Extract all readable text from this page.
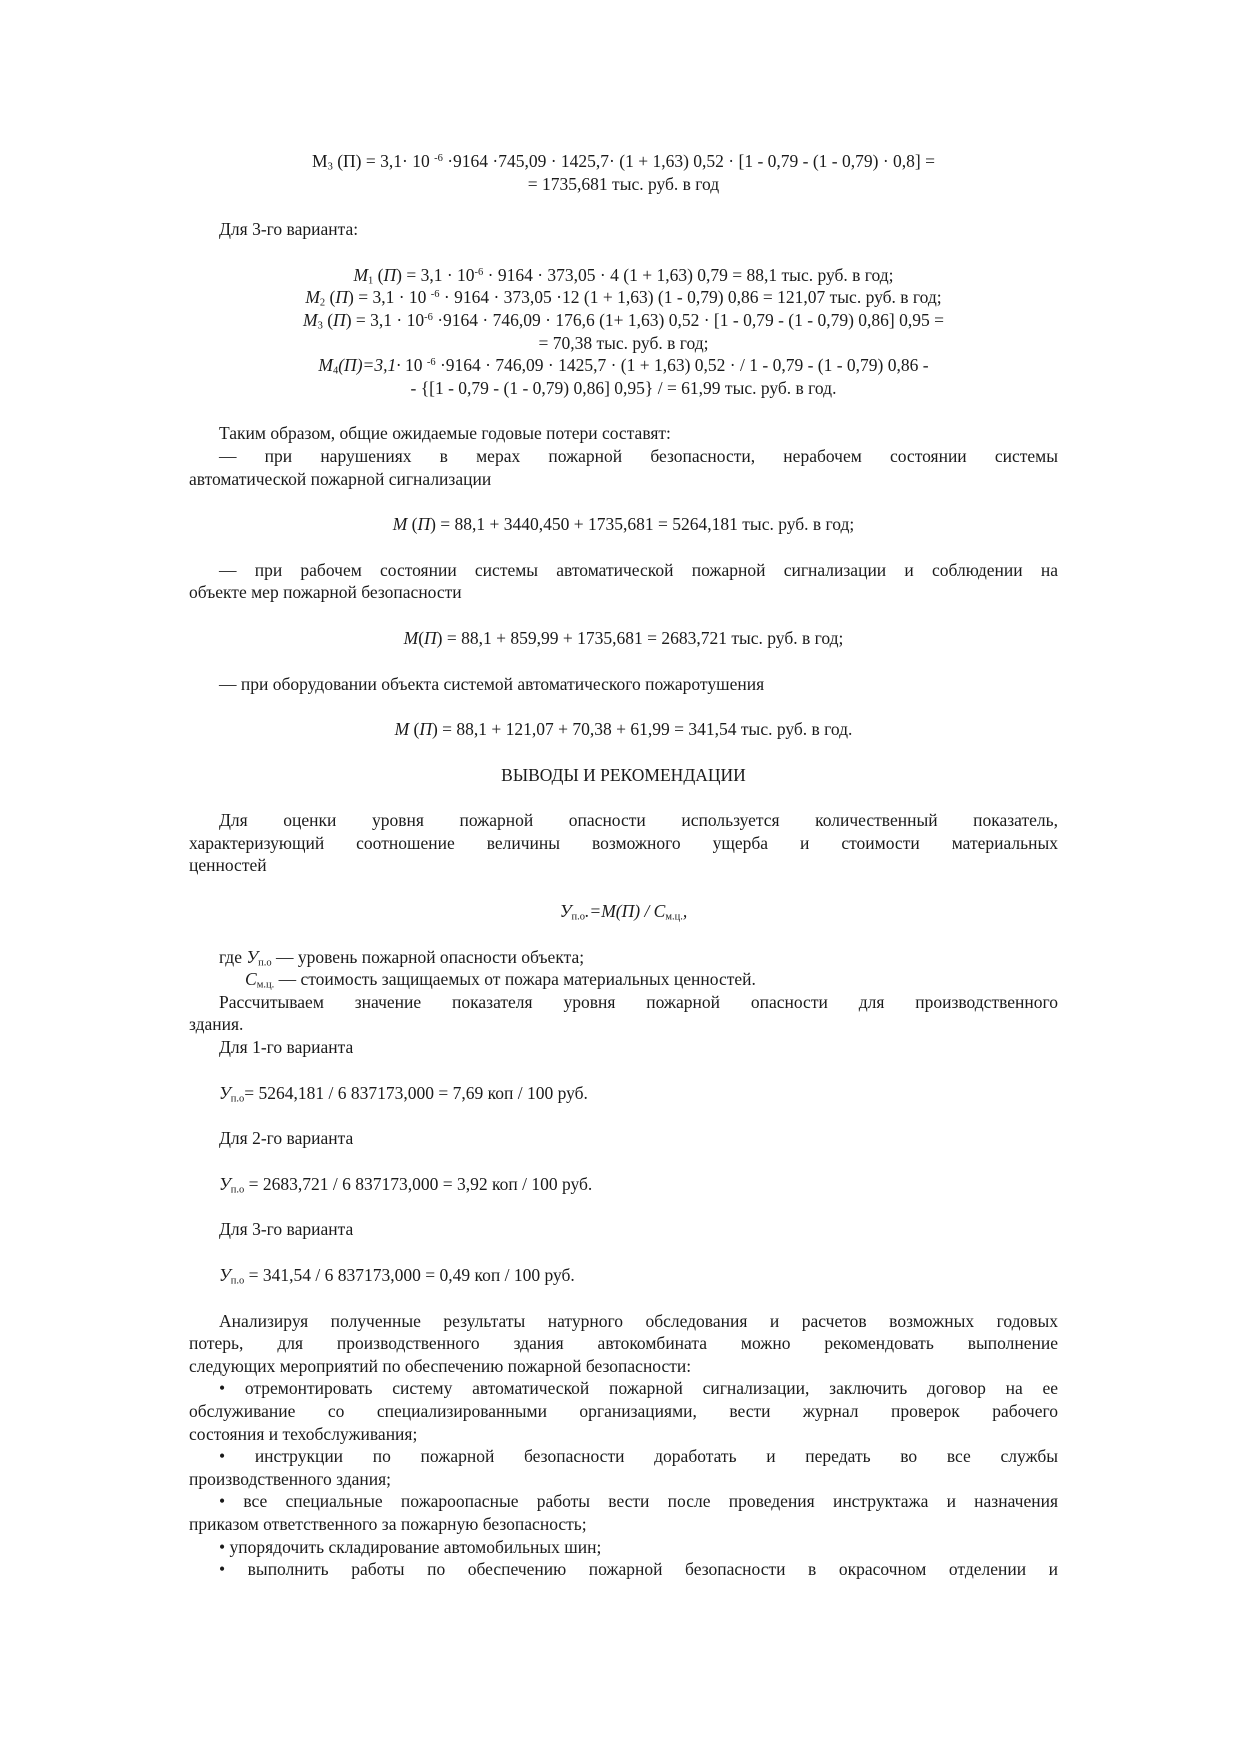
$М_3$ (П) = 3,1· 10 $^{-6}$ ·9164 ·745,09 · 1425,7· (1 + 1,63) 0,52 · [1 - 0,79 - (1 - 0,79) · 0,8] =
= 1735,681 тыс. руб. в год
Для 3-го варианта:
$М_1$ $(П) = 3,1 \cdot 10^{-6} \cdot 9164 \cdot 373,05 \cdot 4$ (1 + 1,63) 0,79 = 88,1 тыс. руб. в год;
$М_2$ (П) = 3,1 · 10 $^{-6}$ · 9164 · 373,05 ·12 (1 + 1,63) (1 - 0,79) 0,86 = 121,07 тыс. руб. в год;
$М_3$ $(П) = 3,1 \cdot 10^{-6} \cdot 9164 \cdot 746,09 \cdot 176,6$ (1+ 1,63) 0,52 · [1 - 0,79 - (1 - 0,79) 0,86] 0,95 =
= 70,38 тыс. руб. в год;
$М_4(П)=3,1\cdot 10$ $^{-6}$ ·9164 · 746,09 · 1425,7 · (1 + 1,63) 0,52 · / 1 - 0,79 - (1 - 0,79) 0,86 -
- {[1 - 0,79 - (1 - 0,79) 0,86] 0,95} / = 61,99 тыс. руб. в год.
Таким образом, общие ожидаемые годовые потери составят:
— при нарушениях в мерах пожарной безопасности, нерабочем состоянии системы
автоматической пожарной сигнализации
М (П) = 88,1 + 3440,450 + 1735,681 = 5264,181 тыс. руб. в год;
— при рабочем состоянии системы автоматической пожарной сигнализации и соблюдении на
объекте мер пожарной безопасности
М(П) = 88,1 + 859,99 + 1735,681 = 2683,721 тыс. руб. в год;
— при оборудовании объекта системой автоматического пожаротушения
М (П) = 88,1 + 121,07 + 70,38 + 61,99 = 341,54 тыс. руб. в год.
ВЫВОДЫ И РЕКОМЕНДАЦИИ
Для оценки уровня пожарной опасности используется количественный показатель,
характеризующий соотношение величины возможного ущерба и стоимости материальных
ценностей
$У_{п.о}.=М(П) / С_{м.ц.}$,
где $У_{п.о}$ — уровень пожарной опасности объекта;
$С_{м.ц.}$ — стоимость защищаемых от пожара материальных ценностей.
Рассчитываем значение показателя уровня пожарной опасности для производственного
здания.
Для 1-го варианта
$У_{п.о}= 5264,181 / 6$ 837173,000 = 7,69 коп / 100 руб.
Для 2-го варианта
$У_{п.о} = 2683,721 / 6$ 837173,000 = 3,92 коп / 100 руб.
Для 3-го варианта
$У_{п.о} = 341,54 / 6$ 837173,000 = 0,49 коп / 100 руб.
Анализируя полученные результаты натурного обследования и расчетов возможных годовых
потерь, для производственного здания автокомбината можно рекомендовать выполнение
следующих мероприятий по обеспечению пожарной безопасности:
• отремонтировать систему автоматической пожарной сигнализации, заключить договор на ее
обслуживание со специализированными организациями, вести журнал проверок рабочего
состояния и техобслуживания;
• инструкции по пожарной безопасности доработать и передать во все службы
производственного здания;
• все специальные пожароопасные работы вести после проведения инструктажа и назначения
приказом ответственного за пожарную безопасность;
• упорядочить складирование автомобильных шин;
• выполнить работы по обеспечению пожарной безопасности в окрасочном отделении и
